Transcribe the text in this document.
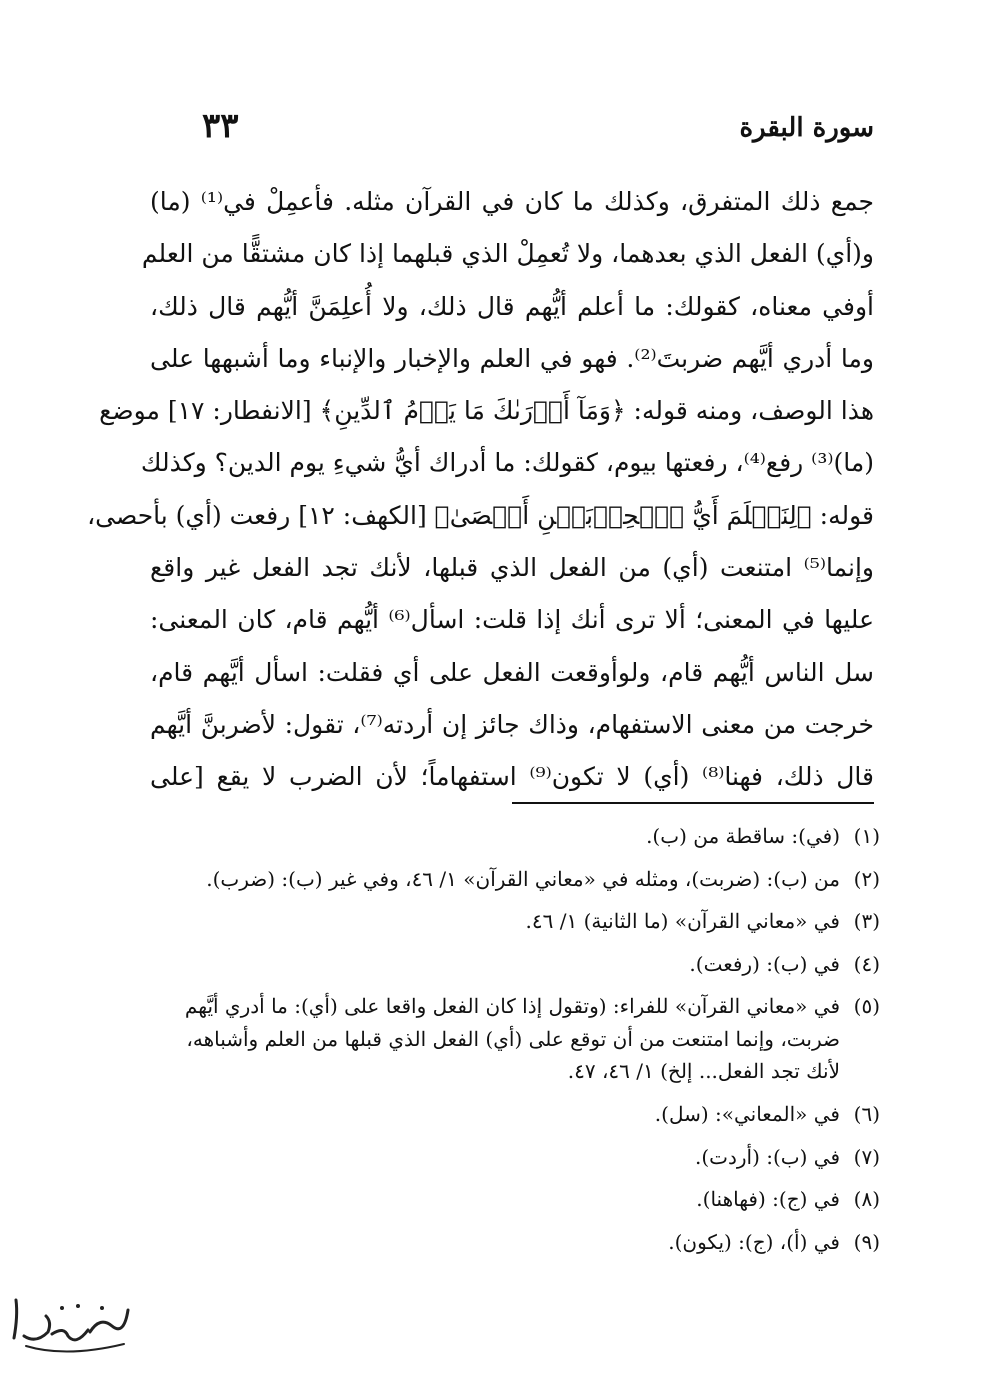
سورة البقرة
٣٣
جمع ذلك المتفرق، وكذلك ما كان في القرآن مثله. فأعمِلْ في⁽¹⁾ (ما)
و(أي) الفعل الذي بعدهما، ولا تُعمِلْ الذي قبلهما إذا كان مشتقًّا من العلم
أوفي معناه، كقولك: ما أعلم أيُّهم قال ذلك، ولا أُعلِمَنَّ أيُّهم قال ذلك،
وما أدري أيَّهم ضربتَ⁽²⁾. فهو في العلم والإخبار والإنباء وما أشبهها على
هذا الوصف، ومنه قوله: ﴿وَمَآ أَدۡرَىٰكَ مَا يَوۡمُ ٱلدِّينِ﴾ [الانفطار: ١٧] موضع
(ما)⁽³⁾ رفع⁽⁴⁾، رفعتها بيوم، كقولك: ما أدراك أيُّ شيءِ يوم الدين؟ وكذلك
قوله: ﴿لِنَعۡلَمَ أَيُّ ٱلۡحِزۡبَيۡنِ أَحۡصَىٰ﴾ [الكهف: ١٢] رفعت (أي) بأحصى،
وإنما⁽⁵⁾ امتنعت (أي) من الفعل الذي قبلها، لأنك تجد الفعل غير واقع
عليها في المعنى؛ ألا ترى أنك إذا قلت: اسأل⁽⁶⁾ أيُّهم قام، كان المعنى:
سل الناس أيُّهم قام، ولوأوقعت الفعل على أي فقلت: اسأل أيَّهم قام،
خرجت من معنى الاستفهام، وذاك جائز إن أردته⁽⁷⁾، تقول: لأضربنَّ أيَّهم
قال ذلك، فهنا⁽⁸⁾ (أي) لا تكون⁽⁹⁾ استفهاماً؛ لأن الضرب لا يقع [على
(١)
(في): ساقطة من (ب).
(٢)
من (ب): (ضربت)، ومثله في «معاني القرآن» ١/ ٤٦، وفي غير (ب): (ضرب).
(٣)
في «معاني القرآن» (ما الثانية) ١/ ٤٦.
(٤)
في (ب): (رفعت).
(٥)
في «معاني القرآن» للفراء: (وتقول إذا كان الفعل واقعا على (أي): ما أدري أيَّهم ضربت، وإنما امتنعت من أن توقع على (أي) الفعل الذي قبلها من العلم وأشباهه، لأنك تجد الفعل... إلخ) ١/ ٤٦، ٤٧.
(٦)
في «المعاني»: (سل).
(٧)
في (ب): (أردت).
(٨)
في (ج): (فهاهنا).
(٩)
في (أ)، (ج): (يكون).
